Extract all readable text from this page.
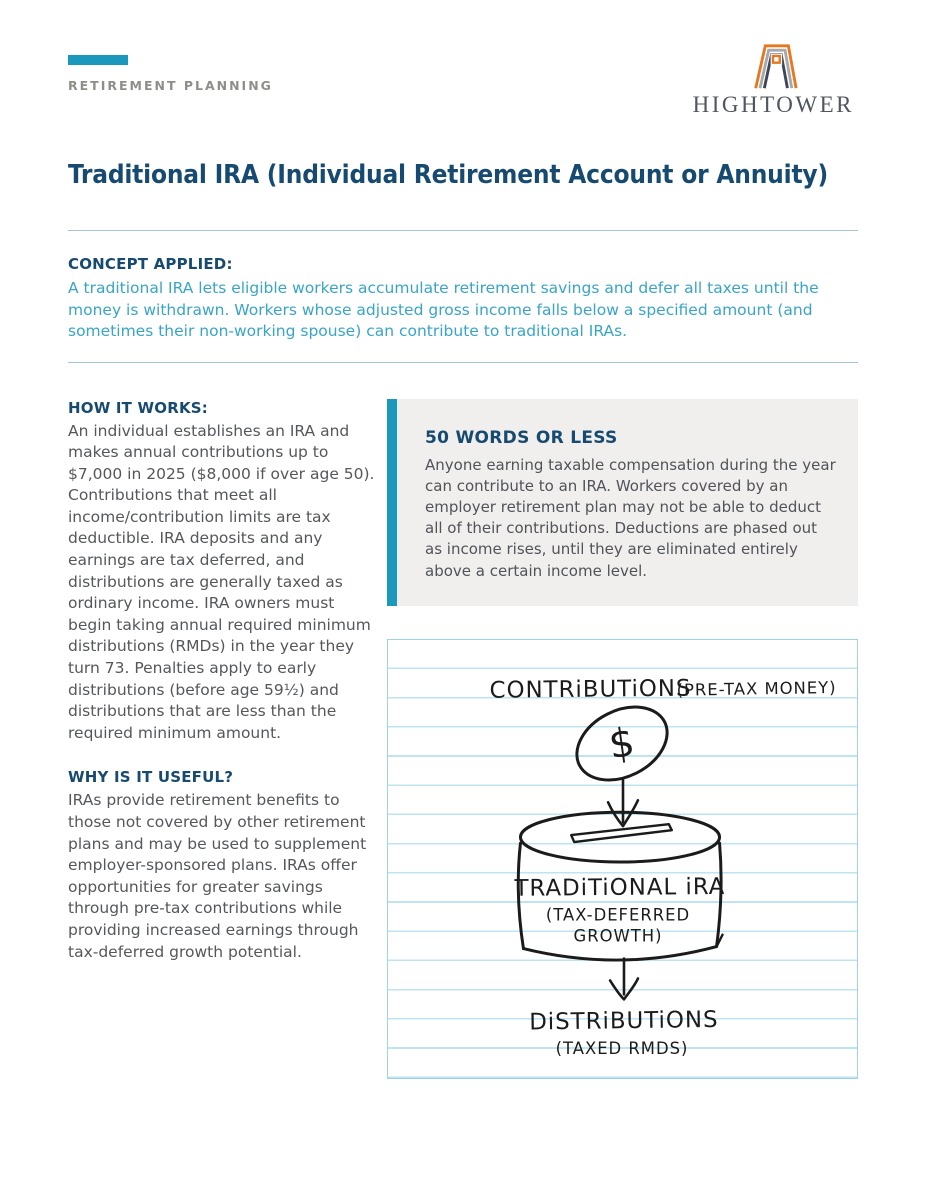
RETIREMENT PLANNING
HIGHTOWER
Traditional IRA (Individual Retirement Account or Annuity)
CONCEPT APPLIED:
A traditional IRA lets eligible workers accumulate retirement savings and defer all taxes until the money is withdrawn. Workers whose adjusted gross income falls below a specified amount (and sometimes their non-working spouse) can contribute to traditional IRAs.
HOW IT WORKS:

An individual establishes an IRA and makes annual contributions up to $7,000 in 2025 ($8,000 if over age 50). Contributions that meet all income/contribution limits are tax deductible. IRA deposits and any earnings are tax deferred, and distributions are generally taxed as ordinary income. IRA owners must begin taking annual required minimum distributions (RMDs) in the year they turn 73. Penalties apply to early distributions (before age 59½) and distributions that are less than the required minimum amount.

WHY IS IT USEFUL?

IRAs provide retirement benefits to those not covered by other retirement plans and may be used to supplement employer-sponsored plans. IRAs offer opportunities for greater savings through pre-tax contributions while providing increased earnings through tax-deferred growth potential.

50 WORDS OR LESS
Anyone earning taxable compensation during the year can contribute to an IRA. Workers covered by an employer retirement plan may not be able to deduct all of their contributions. Deductions are phased out as income rises, until they are eliminated entirely above a certain income level.
CONTRiBUTiONS
(PRE-TAX MONEY)
$
TRADiTiONAL iRA
(TAX-DEFERRED
GROWTH)
DiSTRiBUTiONS
(TAXED RMDS)
